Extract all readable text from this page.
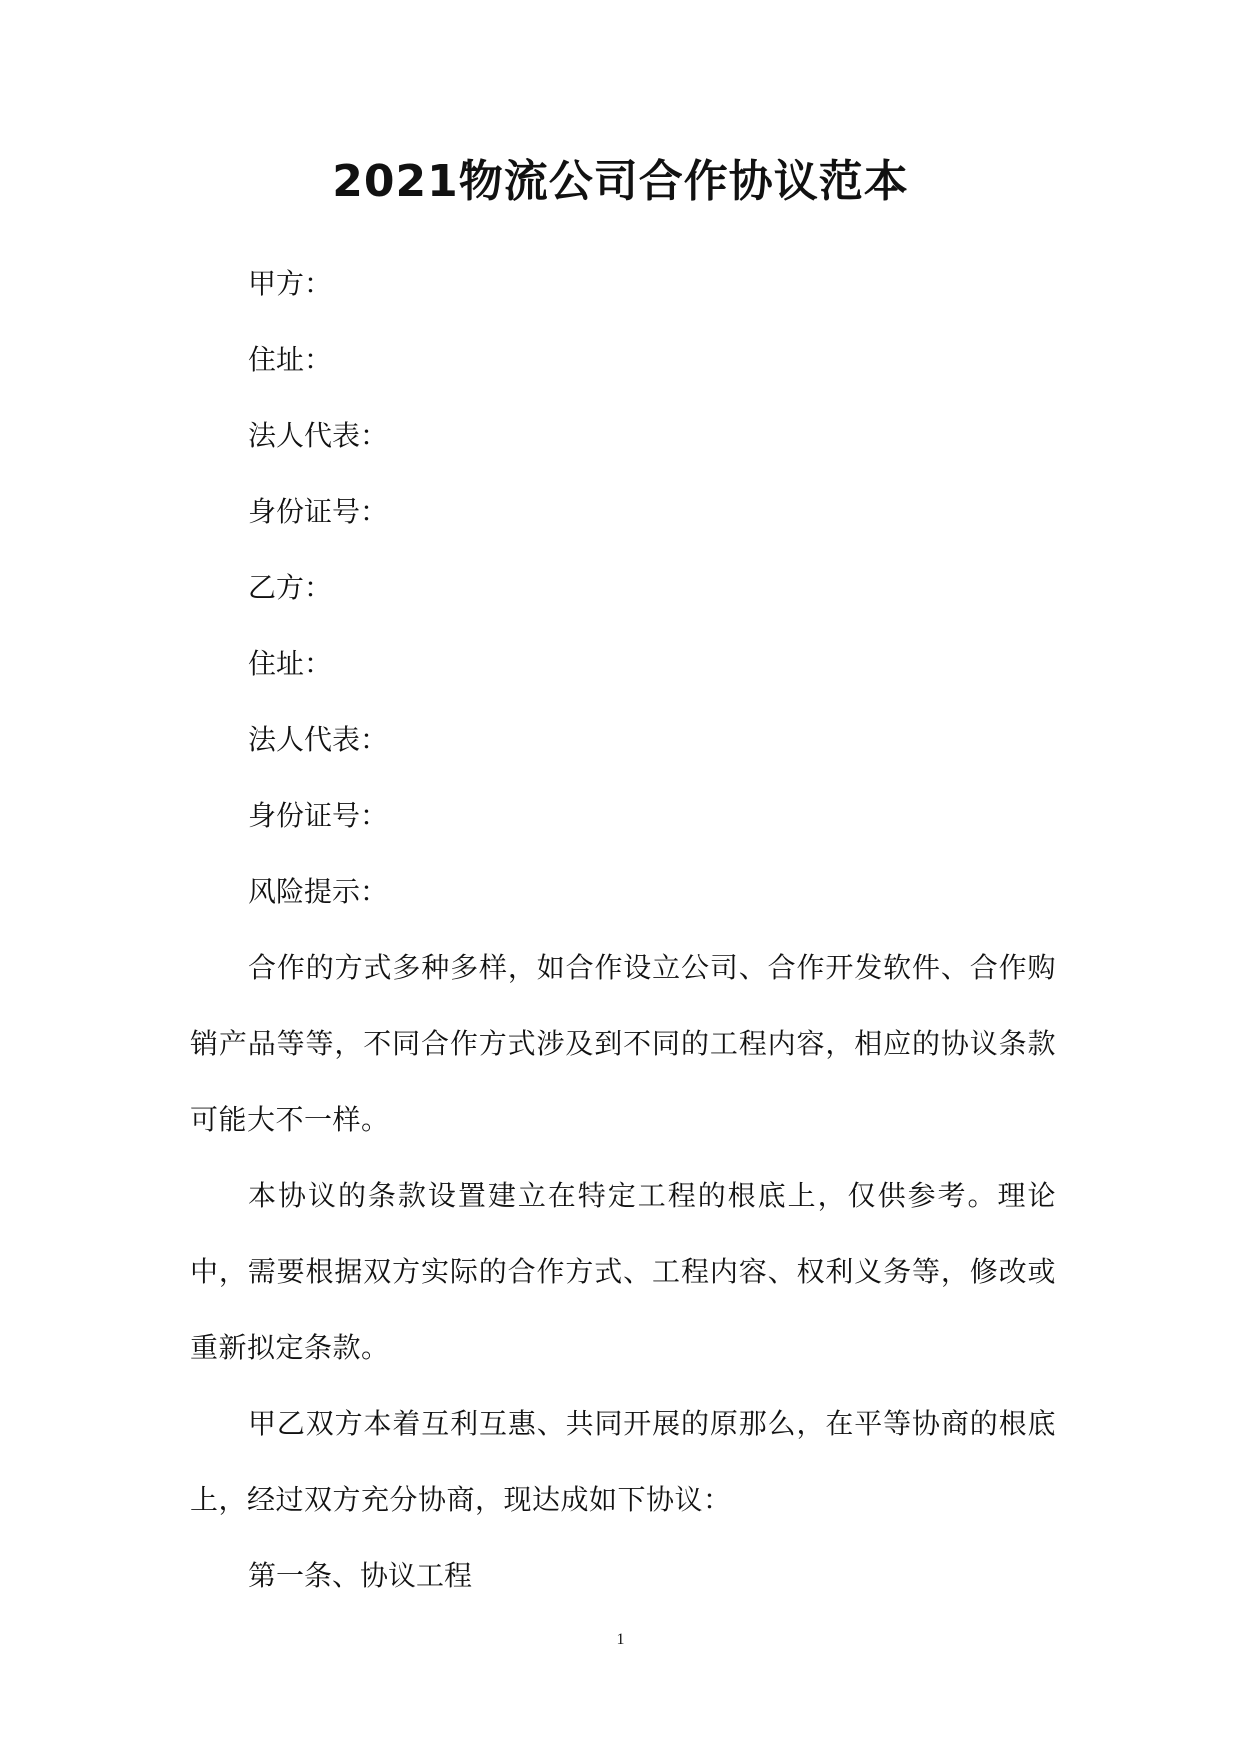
2021物流公司合作协议范本
甲方：
住址：
法人代表：
身份证号：
乙方：
住址：
法人代表：
身份证号：
风险提示：
合作的方式多种多样，如合作设立公司、合作开发软件、合作购销产品等等，不同合作方式涉及到不同的工程内容，相应的协议条款可能大不一样。
本协议的条款设置建立在特定工程的根底上，仅供参考。理论中，需要根据双方实际的合作方式、工程内容、权利义务等，修改或重新拟定条款。
甲乙双方本着互利互惠、共同开展的原那么，在平等协商的根底上，经过双方充分协商，现达成如下协议：
第一条、协议工程
1
